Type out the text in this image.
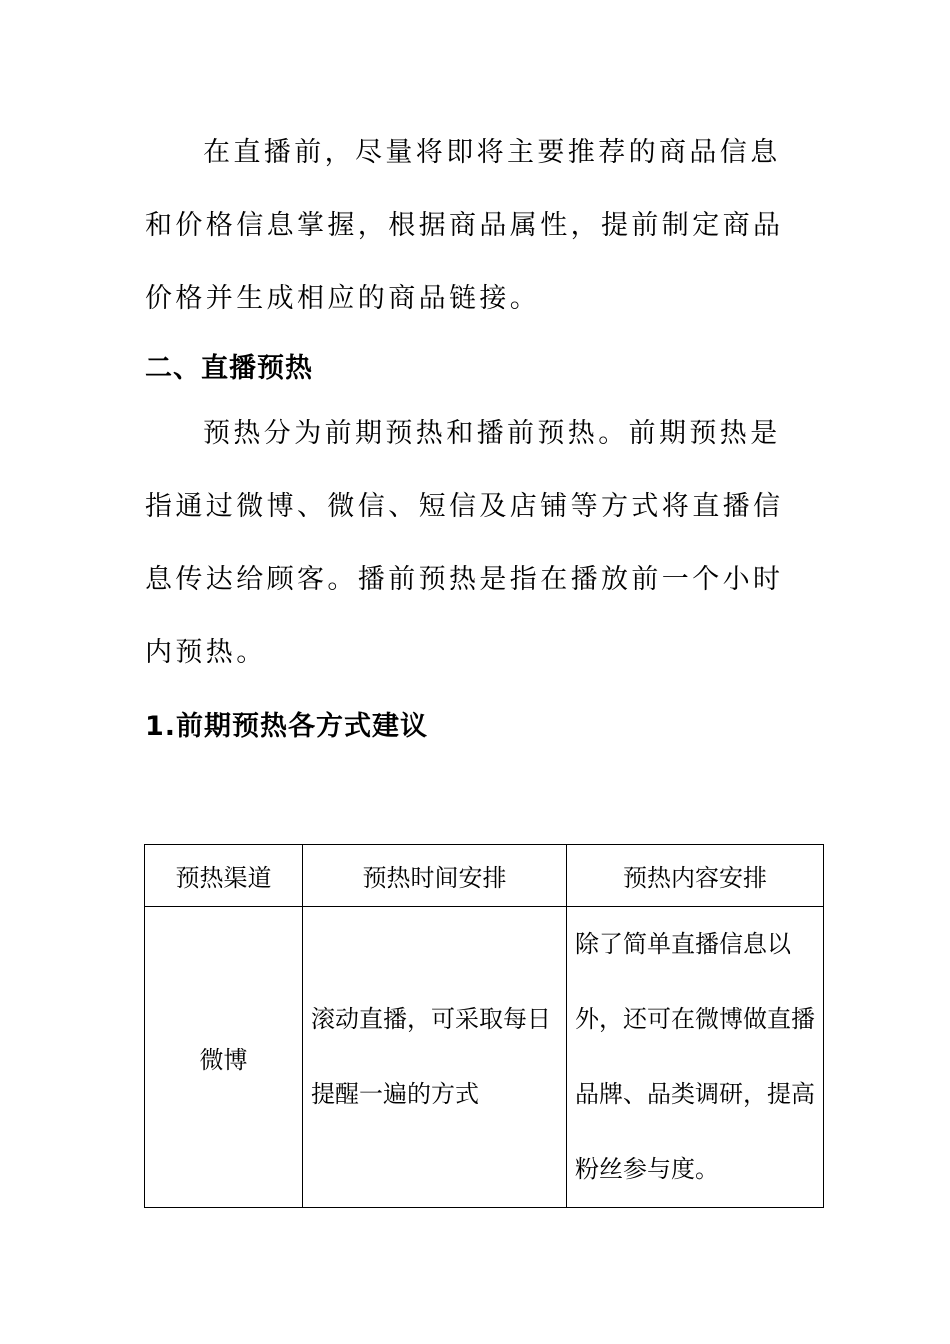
在直播前，尽量将即将主要推荐的商品信息和价格信息掌握，根据商品属性，提前制定商品价格并生成相应的商品链接。

二、直播预热

预热分为前期预热和播前预热。前期预热是指通过微博、微信、短信及店铺等方式将直播信息传达给顾客。播前预热是指在播放前一个小时内预热。

1.前期预热各方式建议
预热渠道	预热时间安排	预热内容安排
微博	滚动直播，可采取每日提醒一遍的方式	除了简单直播信息以外，还可在微博做直播品牌、品类调研，提高粉丝参与度。
